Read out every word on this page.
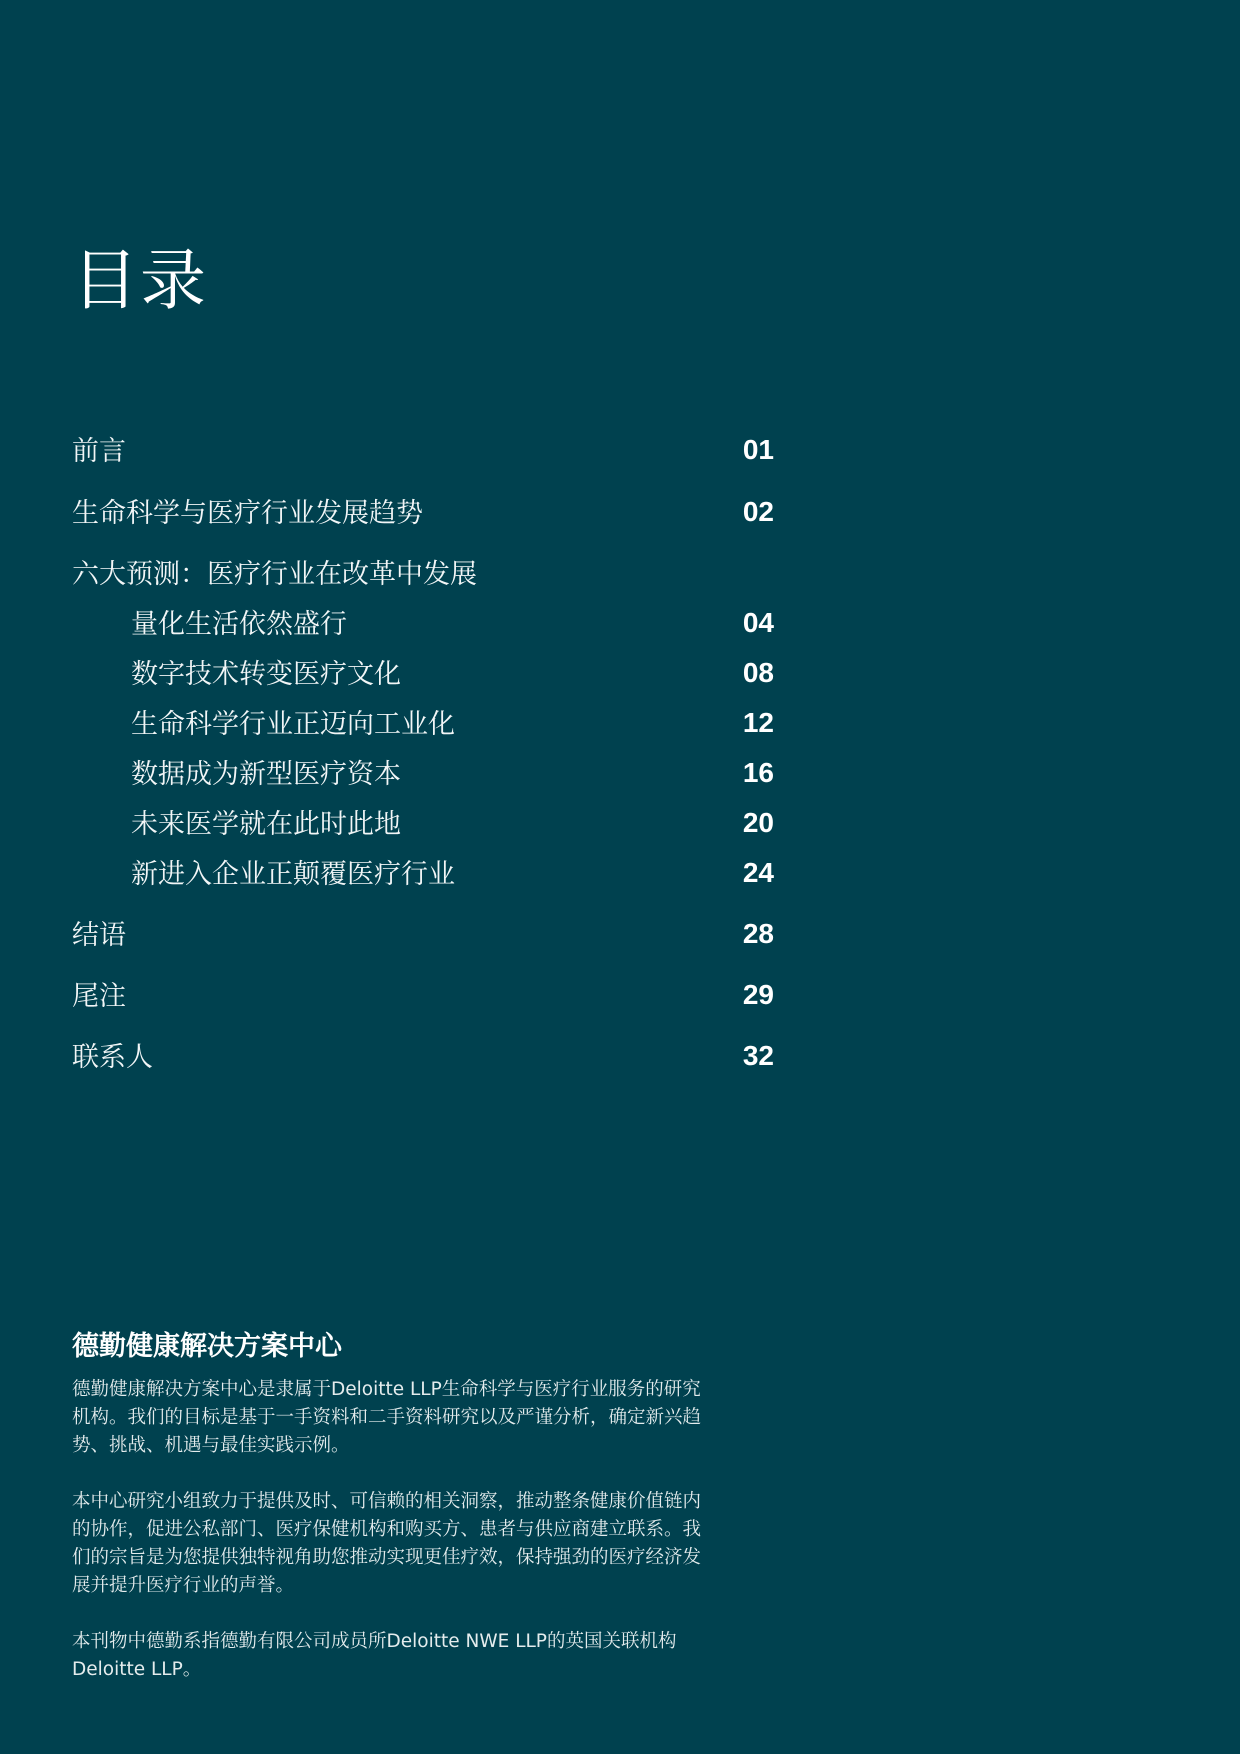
目录
前言	01
生命科学与医疗行业发展趋势	02
六大预测：医疗行业在改革中发展
量化生活依然盛行	04
数字技术转变医疗文化	08
生命科学行业正迈向工业化	12
数据成为新型医疗资本	16
未来医学就在此时此地	20
新进入企业正颠覆医疗行业	24
结语	28
尾注	29
联系人	32
德勤健康解决方案中心

德勤健康解决方案中心是隶属于Deloitte LLP生命科学与医疗行业服务的研究机构。我们的目标是基于一手资料和二手资料研究以及严谨分析，确定新兴趋势、挑战、机遇与最佳实践示例。

本中心研究小组致力于提供及时、可信赖的相关洞察，推动整条健康价值链内的协作，促进公私部门、医疗保健机构和购买方、患者与供应商建立联系。我们的宗旨是为您提供独特视角助您推动实现更佳疗效，保持强劲的医疗经济发展并提升医疗行业的声誉。

本刊物中德勤系指德勤有限公司成员所Deloitte NWE LLP的英国关联机构Deloitte LLP。
